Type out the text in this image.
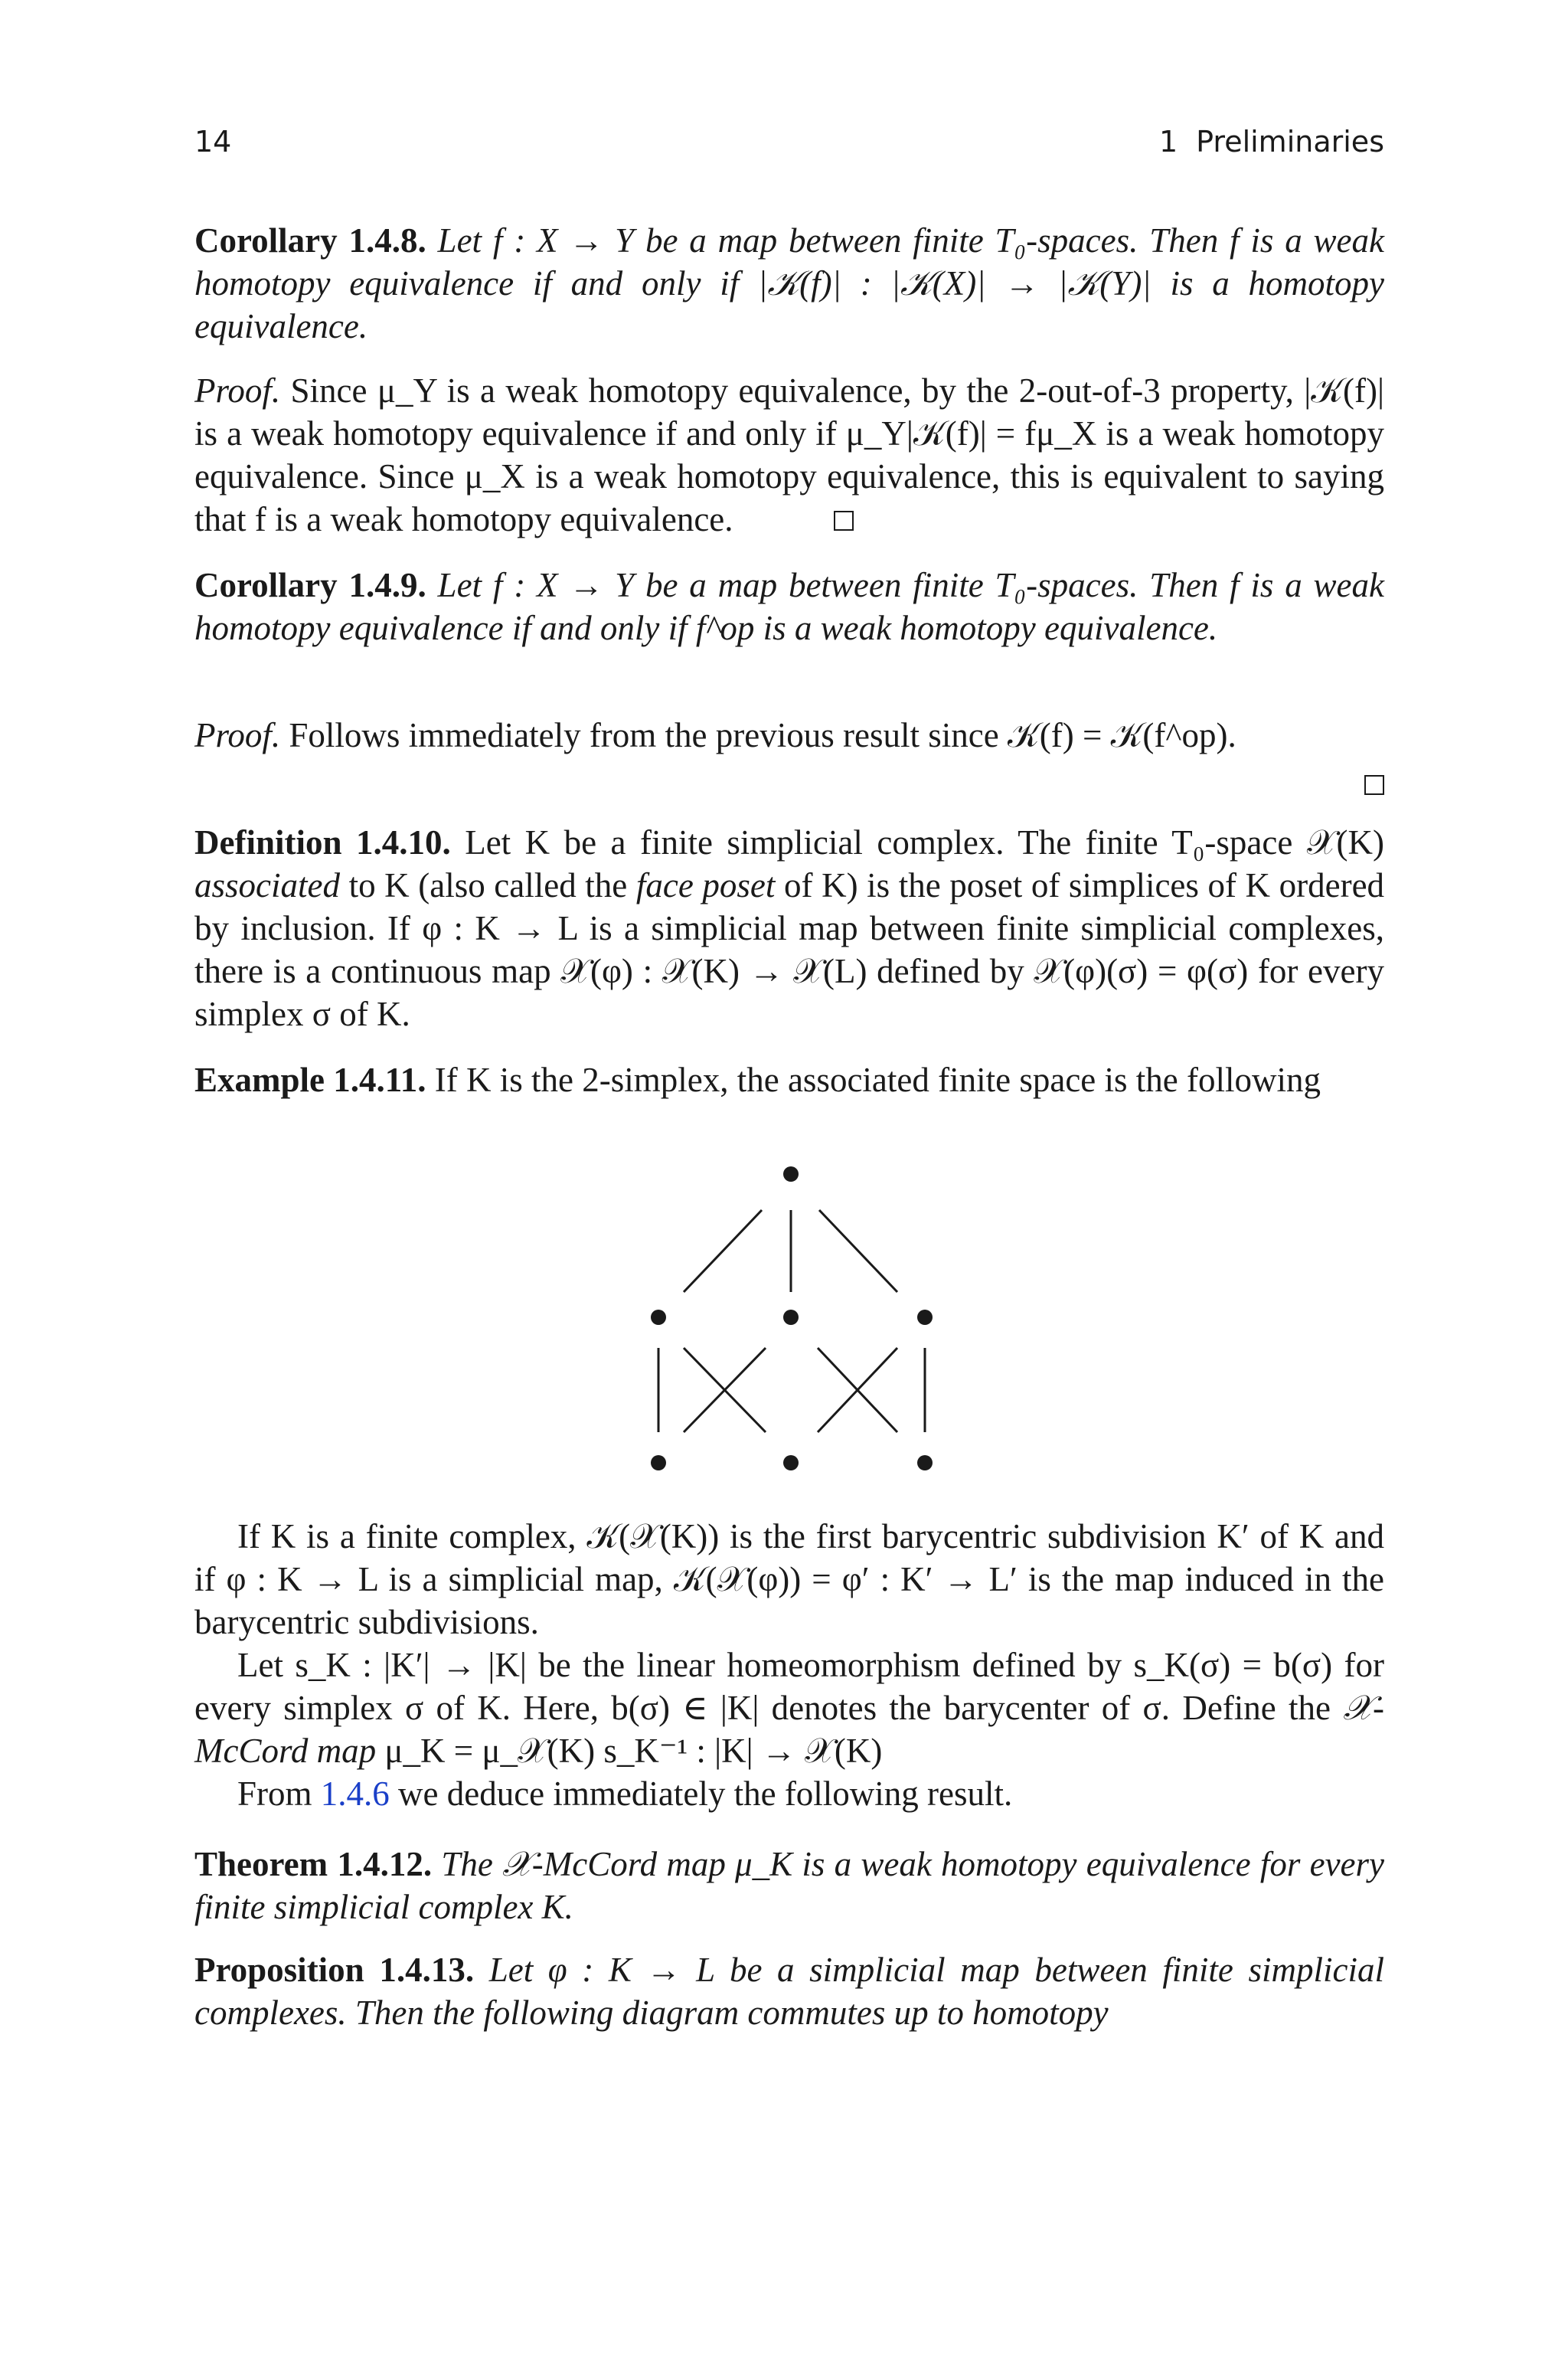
14	1 Preliminaries
Corollary 1.4.8. Let f : X → Y be a map between finite T₀-spaces. Then f is a weak homotopy equivalence if and only if |𝒦(f)| : |𝒦(X)| → |𝒦(Y)| is a homotopy equivalence.
Proof. Since μ_Y is a weak homotopy equivalence, by the 2-out-of-3 property, |𝒦(f)| is a weak homotopy equivalence if and only if μ_Y|𝒦(f)| = fμ_X is a weak homotopy equivalence. Since μ_X is a weak homotopy equivalence, this is equivalent to saying that f is a weak homotopy equivalence.
Corollary 1.4.9. Let f : X → Y be a map between finite T₀-spaces. Then f is a weak homotopy equivalence if and only if f^op is a weak homotopy equivalence.
Proof. Follows immediately from the previous result since 𝒦(f) = 𝒦(f^op).
Definition 1.4.10. Let K be a finite simplicial complex. The finite T₀-space 𝒳(K) associated to K (also called the face poset of K) is the poset of simplices of K ordered by inclusion. If φ : K → L is a simplicial map between finite simplicial complexes, there is a continuous map 𝒳(φ) : 𝒳(K) → 𝒳(L) defined by 𝒳(φ)(σ) = φ(σ) for every simplex σ of K.
Example 1.4.11. If K is the 2-simplex, the associated finite space is the following
If K is a finite complex, 𝒦(𝒳(K)) is the first barycentric subdivision K′ of K and if φ : K → L is a simplicial map, 𝒦(𝒳(φ)) = φ′ : K′ → L′ is the map induced in the barycentric subdivisions.
Let s_K : |K′| → |K| be the linear homeomorphism defined by s_K(σ) = b(σ) for every simplex σ of K. Here, b(σ) ∈ |K| denotes the barycenter of σ. Define the 𝒳-McCord map μ_K = μ_𝒳(K) s_K⁻¹ : |K| → 𝒳(K)
From 1.4.6 we deduce immediately the following result.
Theorem 1.4.12. The 𝒳-McCord map μ_K is a weak homotopy equivalence for every finite simplicial complex K.
Proposition 1.4.13. Let φ : K → L be a simplicial map between finite simplicial complexes. Then the following diagram commutes up to homotopy
